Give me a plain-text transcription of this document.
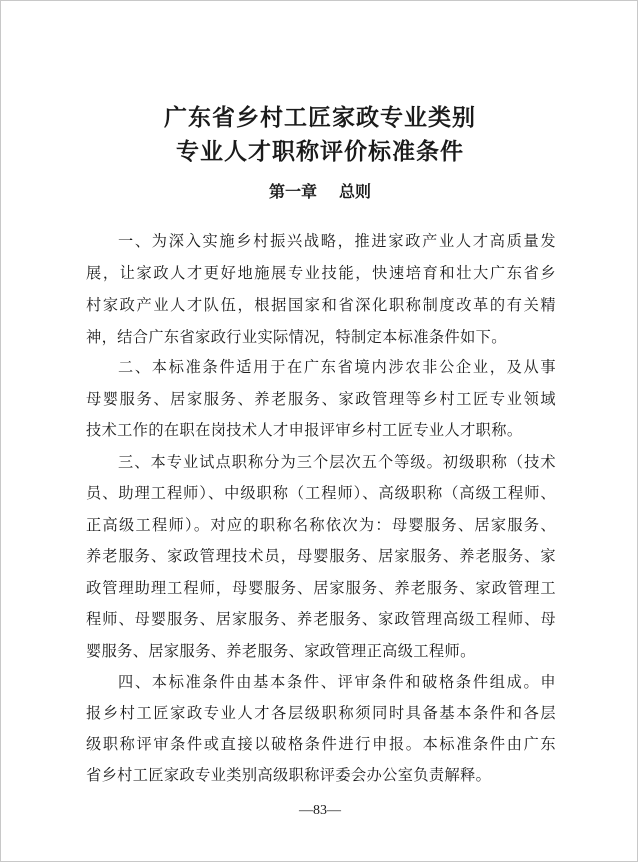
广东省乡村工匠家政专业类别
专业人才职称评价标准条件
第一章 总则
一、为深入实施乡村振兴战略，推进家政产业人才高质量发
展，让家政人才更好地施展专业技能，快速培育和壮大广东省乡
村家政产业人才队伍，根据国家和省深化职称制度改革的有关精
神，结合广东省家政行业实际情况，特制定本标准条件如下。
二、本标准条件适用于在广东省境内涉农非公企业，及从事
母婴服务、居家服务、养老服务、家政管理等乡村工匠专业领域
技术工作的在职在岗技术人才申报评审乡村工匠专业人才职称。
三、本专业试点职称分为三个层次五个等级。初级职称（技术
员、助理工程师）、中级职称（工程师）、高级职称（高级工程师、
正高级工程师）。对应的职称名称依次为：母婴服务、居家服务、
养老服务、家政管理技术员，母婴服务、居家服务、养老服务、家
政管理助理工程师，母婴服务、居家服务、养老服务、家政管理工
程师、母婴服务、居家服务、养老服务、家政管理高级工程师、母
婴服务、居家服务、养老服务、家政管理正高级工程师。
四、本标准条件由基本条件、评审条件和破格条件组成。申
报乡村工匠家政专业人才各层级职称须同时具备基本条件和各层
级职称评审条件或直接以破格条件进行申报。本标准条件由广东
省乡村工匠家政专业类别高级职称评委会办公室负责解释。
—83—
